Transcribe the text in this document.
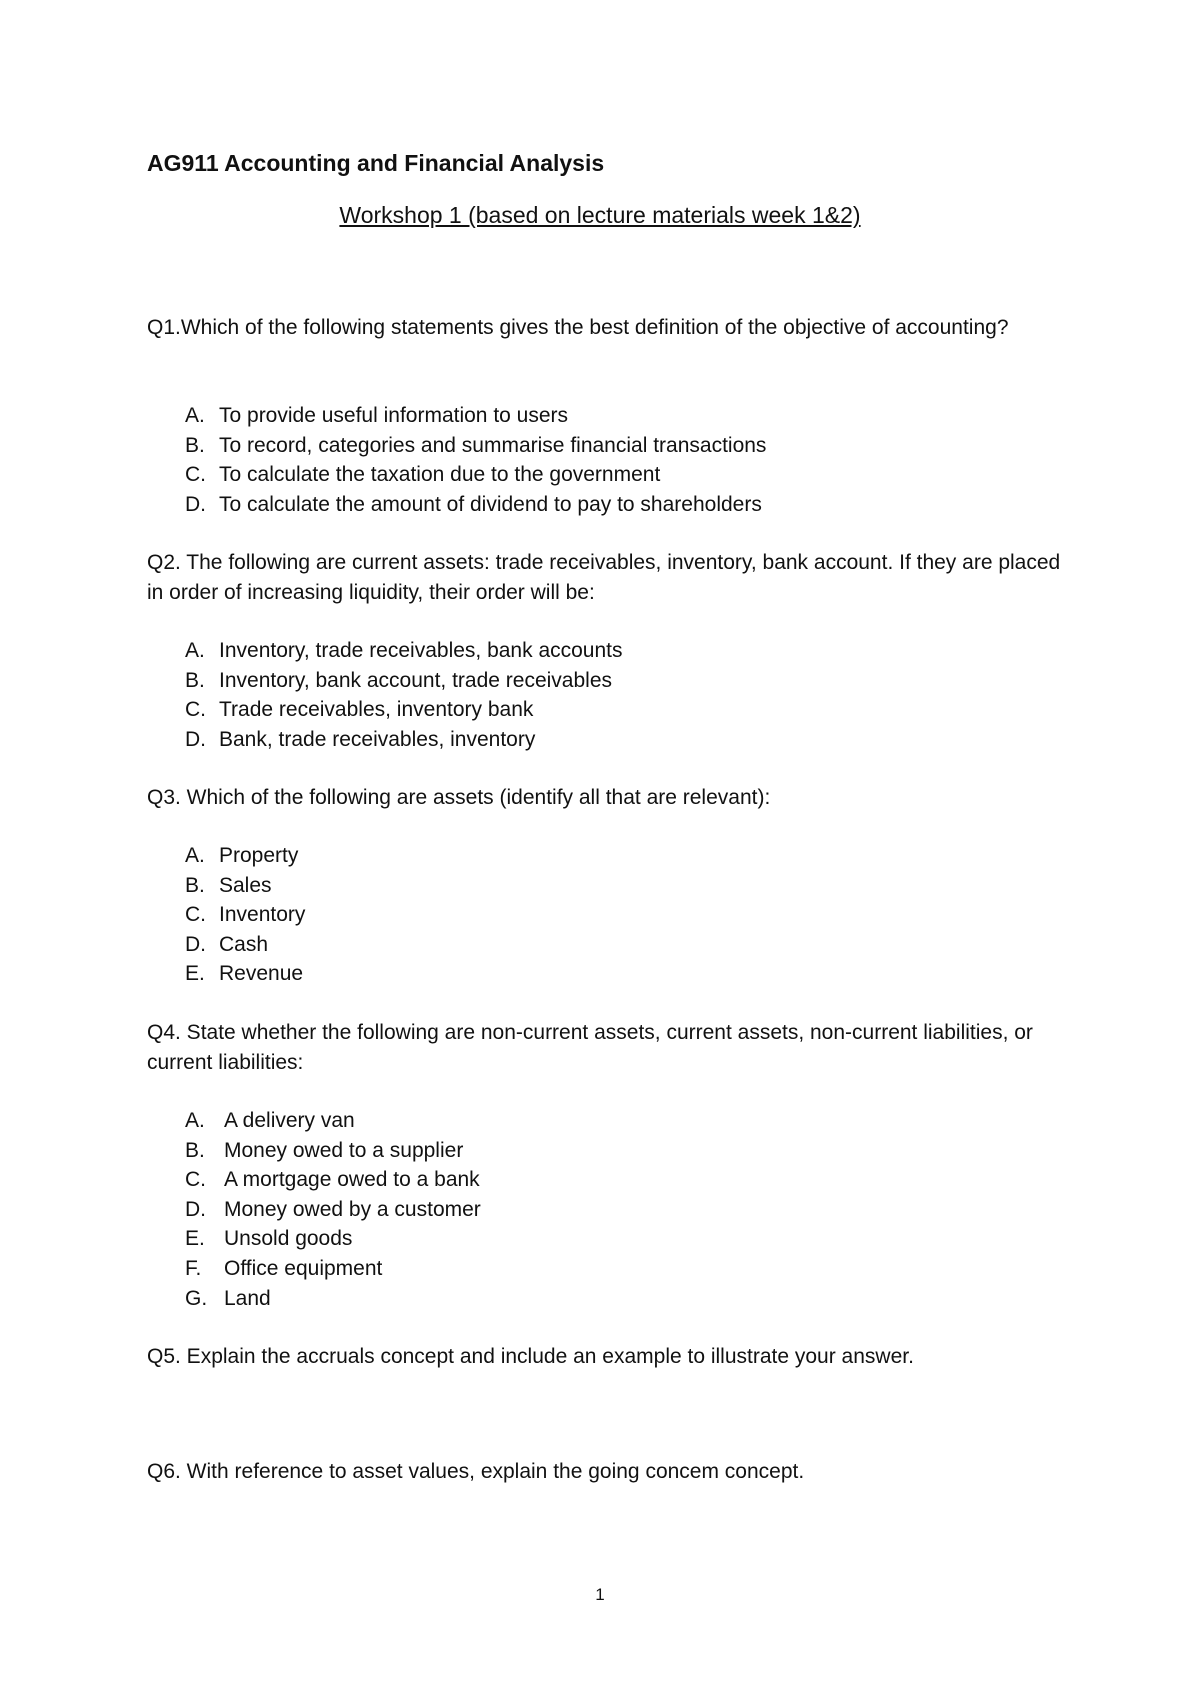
AG911 Accounting and Financial Analysis
Workshop 1 (based on lecture materials week 1&2)
Q1.Which of the following statements gives the best definition of the objective of accounting?
A. To provide useful information to users
B. To record, categories and summarise financial transactions
C. To calculate the taxation due to the government
D. To calculate the amount of dividend to pay to shareholders
Q2. The following are current assets: trade receivables, inventory, bank account. If they are placed in order of increasing liquidity, their order will be:
A. Inventory, trade receivables, bank accounts
B. Inventory, bank account, trade receivables
C. Trade receivables, inventory bank
D. Bank, trade receivables, inventory
Q3. Which of the following are assets (identify all that are relevant):
A. Property
B. Sales
C. Inventory
D. Cash
E. Revenue
Q4. State whether the following are non-current assets, current assets, non-current liabilities, or current liabilities:
A. A delivery van
B. Money owed to a supplier
C. A mortgage owed to a bank
D. Money owed by a customer
E. Unsold goods
F.	Office equipment
G. Land
Q5. Explain the accruals concept and include an example to illustrate your answer.
Q6. With reference to asset values, explain the going concem concept.
1
